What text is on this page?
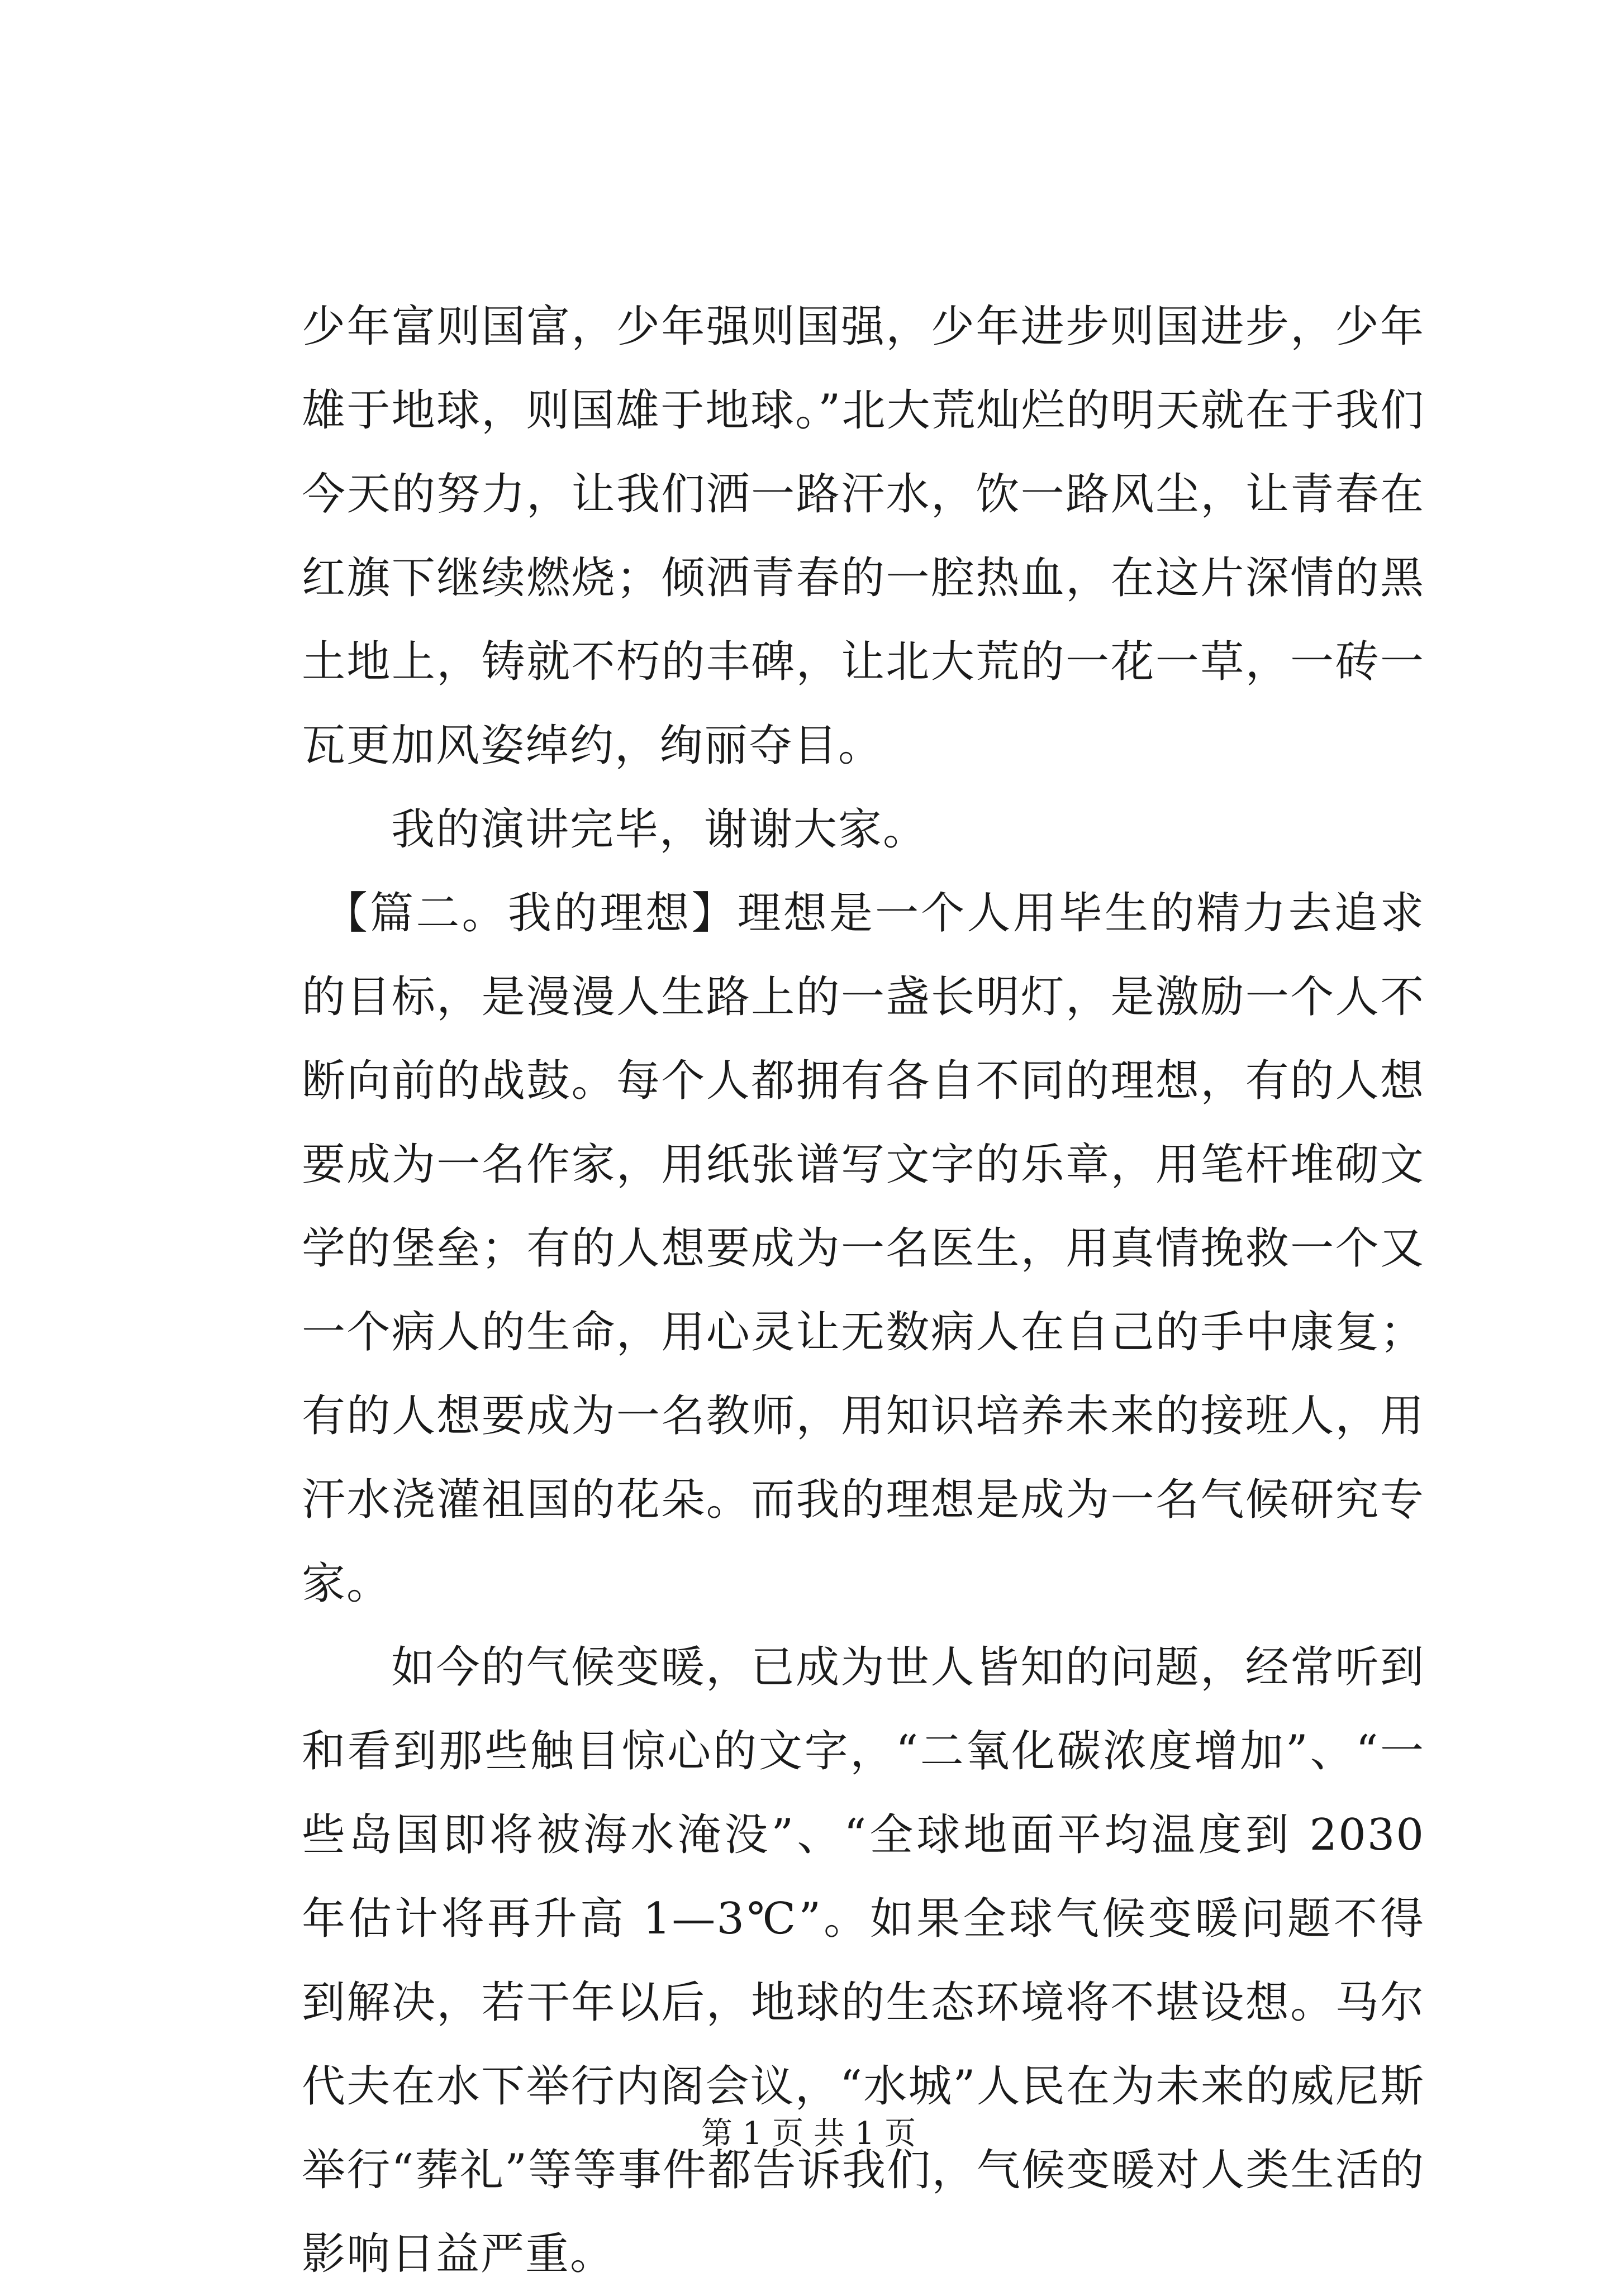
少年富则国富，少年强则国强，少年进步则国进步，少年雄于地球，则国雄于地球。”北大荒灿烂的明天就在于我们今天的努力，让我们洒一路汗水，饮一路风尘，让青春在红旗下继续燃烧；倾洒青春的一腔热血，在这片深情的黑土地上，铸就不朽的丰碑，让北大荒的一花一草，一砖一瓦更加风姿绰约，绚丽夺目。

我的演讲完毕，谢谢大家。

【篇二。我的理想】理想是一个人用毕生的精力去追求的目标，是漫漫人生路上的一盏长明灯，是激励一个人不断向前的战鼓。每个人都拥有各自不同的理想，有的人想要成为一名作家，用纸张谱写文字的乐章，用笔杆堆砌文学的堡垒；有的人想要成为一名医生，用真情挽救一个又一个病人的生命，用心灵让无数病人在自己的手中康复；有的人想要成为一名教师，用知识培养未来的接班人，用汗水浇灌祖国的花朵。而我的理想是成为一名气候研究专家。

如今的气候变暖，已成为世人皆知的问题，经常听到和看到那些触目惊心的文字，“二氧化碳浓度增加”、“一些岛国即将被海水淹没”、“全球地面平均温度到 2030 年估计将再升高 1—3℃”。如果全球气候变暖问题不得到解决，若干年以后，地球的生态环境将不堪设想。马尔代夫在水下举行内阁会议，“水城”人民在为未来的威尼斯举行“葬礼”等等事件都告诉我们，气候变暖对人类生活的影响日益严重。

第 1 页 共 1 页
